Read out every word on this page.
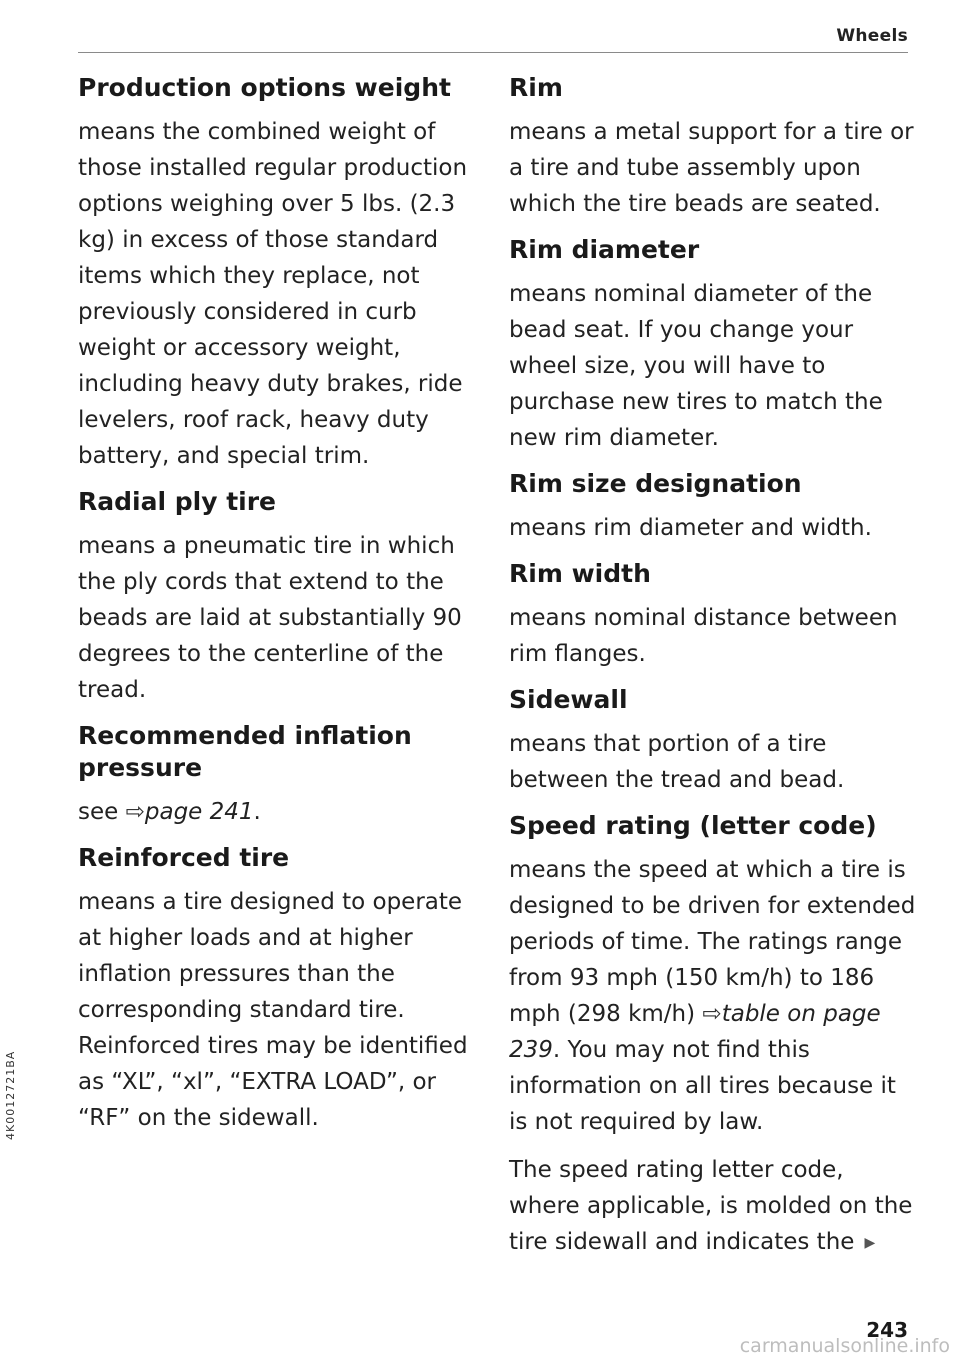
Wheels
Production options weight

means the combined weight of those installed regular production options weighing over 5 lbs. (2.3 kg) in excess of those standard items which they replace, not previously considered in curb weight or accessory weight, including heavy duty brakes, ride levelers, roof rack, heavy duty battery, and special trim.

Radial ply tire

means a pneumatic tire in which the ply cords that extend to the beads are laid at substantially 90 degrees to the centerline of the tread.

Recommended inflation pressure

see ⇨page 241.

Reinforced tire

means a tire designed to operate at higher loads and at higher inflation pressures than the corresponding standard tire. Reinforced tires may be identified as “XL”, “xl”, “EXTRA LOAD”, or “RF” on the sidewall.

Rim

means a metal support for a tire or a tire and tube assembly upon which the tire beads are seated.

Rim diameter

means nominal diameter of the bead seat. If you change your wheel size, you will have to purchase new tires to match the new rim diameter.

Rim size designation

means rim diameter and width.

Rim width

means nominal distance between rim flanges.

Sidewall

means that portion of a tire between the tread and bead.

Speed rating (letter code)

means the speed at which a tire is designed to be driven for extended periods of time. The ratings range from 93 mph (150 km/h) to 186 mph (298 km/h) ⇨table on page 239. You may not find this information on all tires because it is not required by law.

The speed rating letter code, where applicable, is molded on the tire sidewall and indicates the ▶

243
4K0012721BA
carmanualsonline.info
